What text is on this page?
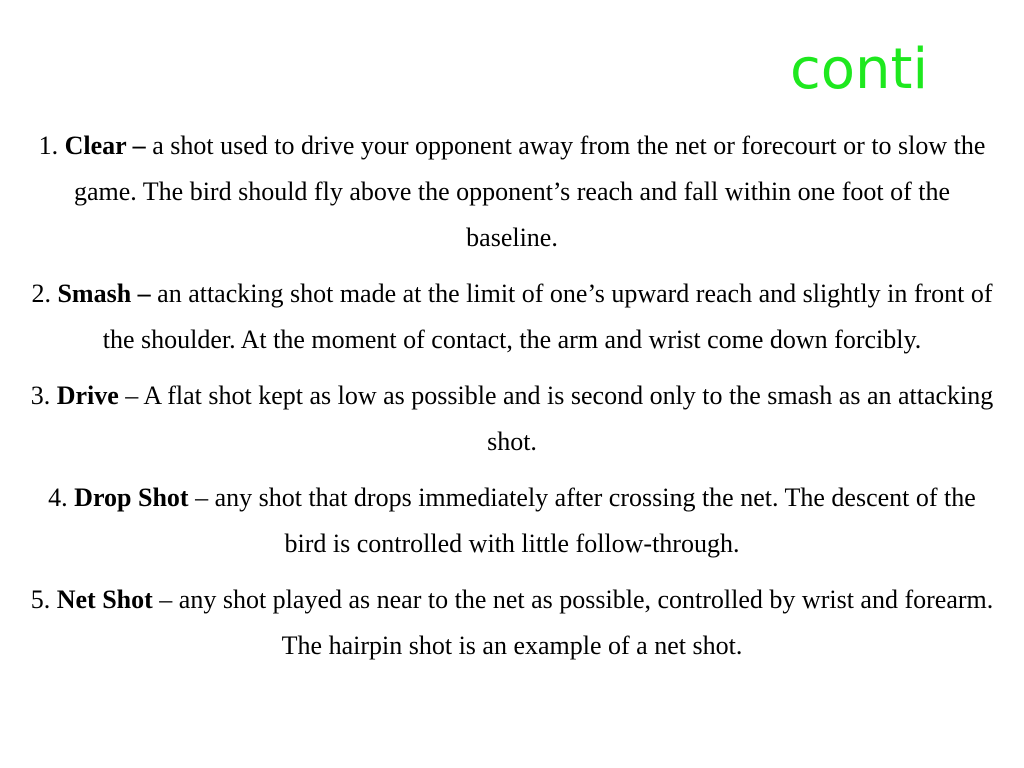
conti

1. Clear – a shot used to drive your opponent away from the net or forecourt or to slow the game. The bird should fly above the opponent’s reach and fall within one foot of the baseline.

2. Smash – an attacking shot made at the limit of one’s upward reach and slightly in front of the shoulder. At the moment of contact, the arm and wrist come down forcibly.

3. Drive – A flat shot kept as low as possible and is second only to the smash as an attacking shot.

4. Drop Shot – any shot that drops immediately after crossing the net. The descent of the bird is controlled with little follow-through.

5. Net Shot – any shot played as near to the net as possible, controlled by wrist and forearm. The hairpin shot is an example of a net shot.
